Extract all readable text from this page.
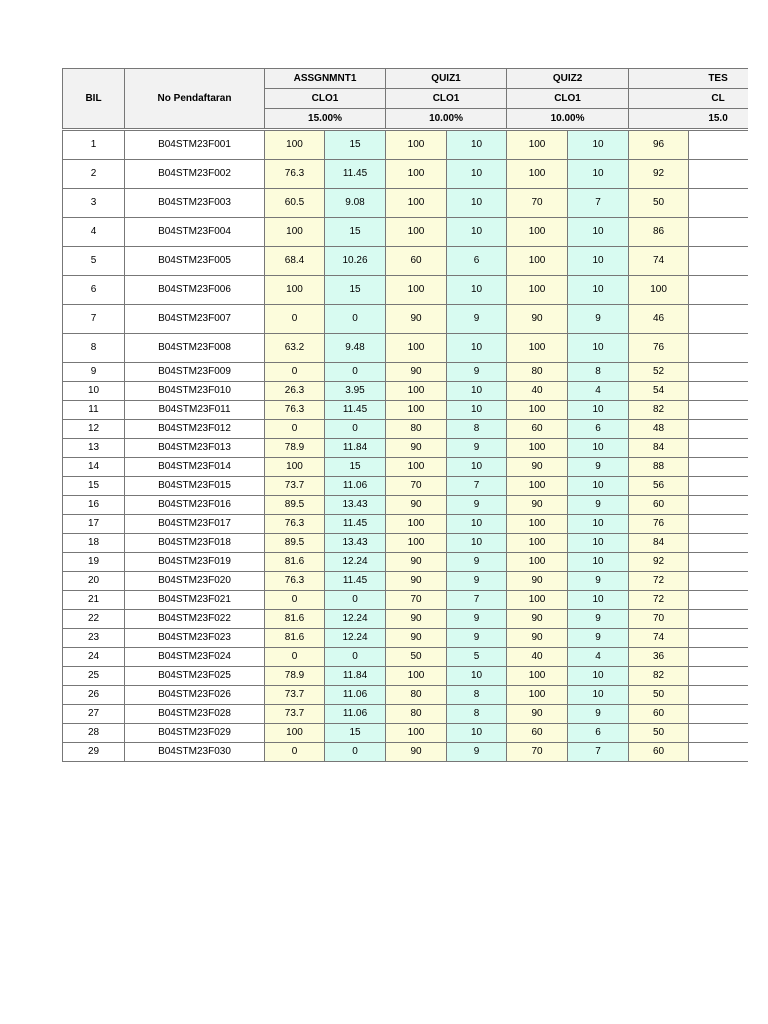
BIL	No Pendaftaran	ASSGNMNT1		QUIZ1		QUIZ2		TES	
		CLO1		CLO1		CLO1		CL	
		15.00%		10.00%		10.00%		15.0	

1	B04STM23F001	100	15	100	10	100	10	96	
2	B04STM23F002	76.3	11.45	100	10	100	10	92	
3	B04STM23F003	60.5	9.08	100	10	70	7	50	
4	B04STM23F004	100	15	100	10	100	10	86	
5	B04STM23F005	68.4	10.26	60	6	100	10	74	
6	B04STM23F006	100	15	100	10	100	10	100	
7	B04STM23F007	0	0	90	9	90	9	46	
8	B04STM23F008	63.2	9.48	100	10	100	10	76	
9	B04STM23F009	0	0	90	9	80	8	52	
10	B04STM23F010	26.3	3.95	100	10	40	4	54	
11	B04STM23F011	76.3	11.45	100	10	100	10	82	
12	B04STM23F012	0	0	80	8	60	6	48	
13	B04STM23F013	78.9	11.84	90	9	100	10	84	
14	B04STM23F014	100	15	100	10	90	9	88	
15	B04STM23F015	73.7	11.06	70	7	100	10	56	
16	B04STM23F016	89.5	13.43	90	9	90	9	60	
17	B04STM23F017	76.3	11.45	100	10	100	10	76	
18	B04STM23F018	89.5	13.43	100	10	100	10	84	
19	B04STM23F019	81.6	12.24	90	9	100	10	92	
20	B04STM23F020	76.3	11.45	90	9	90	9	72	
21	B04STM23F021	0	0	70	7	100	10	72	
22	B04STM23F022	81.6	12.24	90	9	90	9	70	
23	B04STM23F023	81.6	12.24	90	9	90	9	74	
24	B04STM23F024	0	0	50	5	40	4	36	
25	B04STM23F025	78.9	11.84	100	10	100	10	82	
26	B04STM23F026	73.7	11.06	80	8	100	10	50	
27	B04STM23F028	73.7	11.06	80	8	90	9	60	
28	B04STM23F029	100	15	100	10	60	6	50	
29	B04STM23F030	0	0	90	9	70	7	60	
